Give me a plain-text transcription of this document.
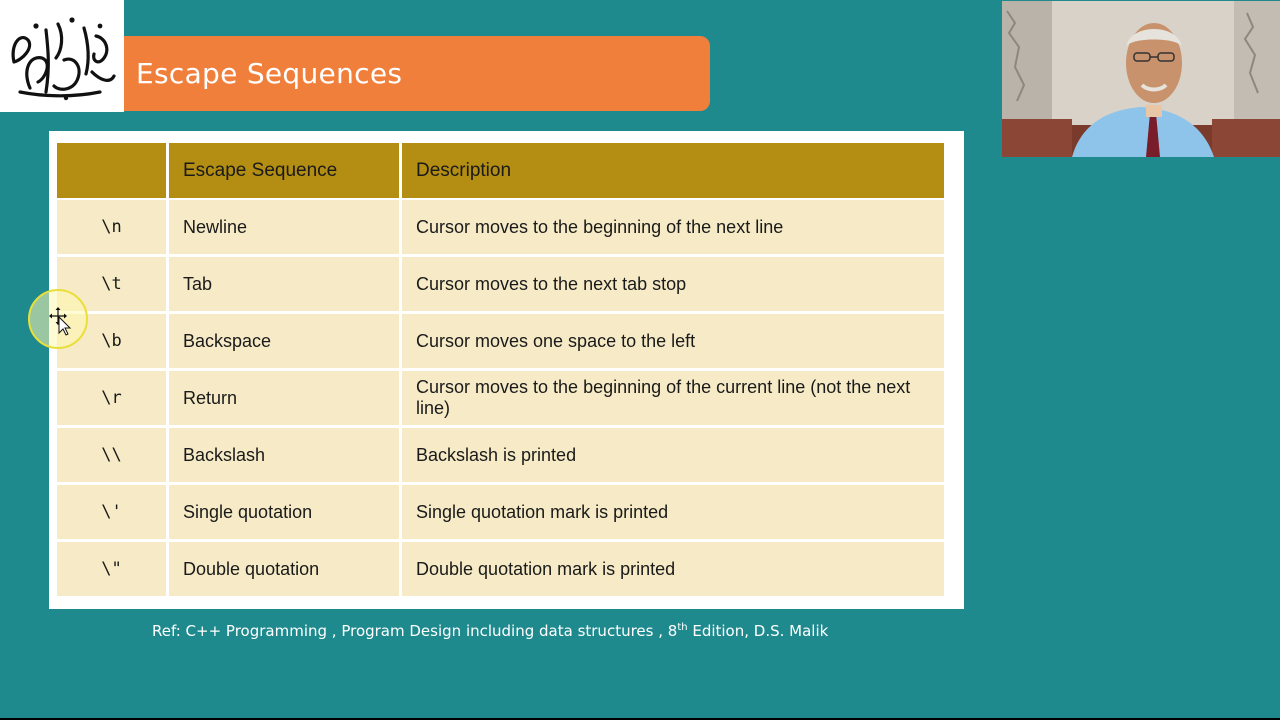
Escape Sequences
	Escape Sequence	Description
\n	Newline	Cursor moves to the beginning of the next line
\t	Tab	Cursor moves to the next tab stop
\b	Backspace	Cursor moves one space to the left
\r	Return	Cursor moves to the beginning of the current line (not the next line)
\\	Backslash	Backslash is printed
\'	Single quotation	Single quotation mark is printed
\"	Double quotation	Double quotation mark is printed
Ref: C++ Programming , Program Design including data structures , 8th Edition, D.S. Malik
